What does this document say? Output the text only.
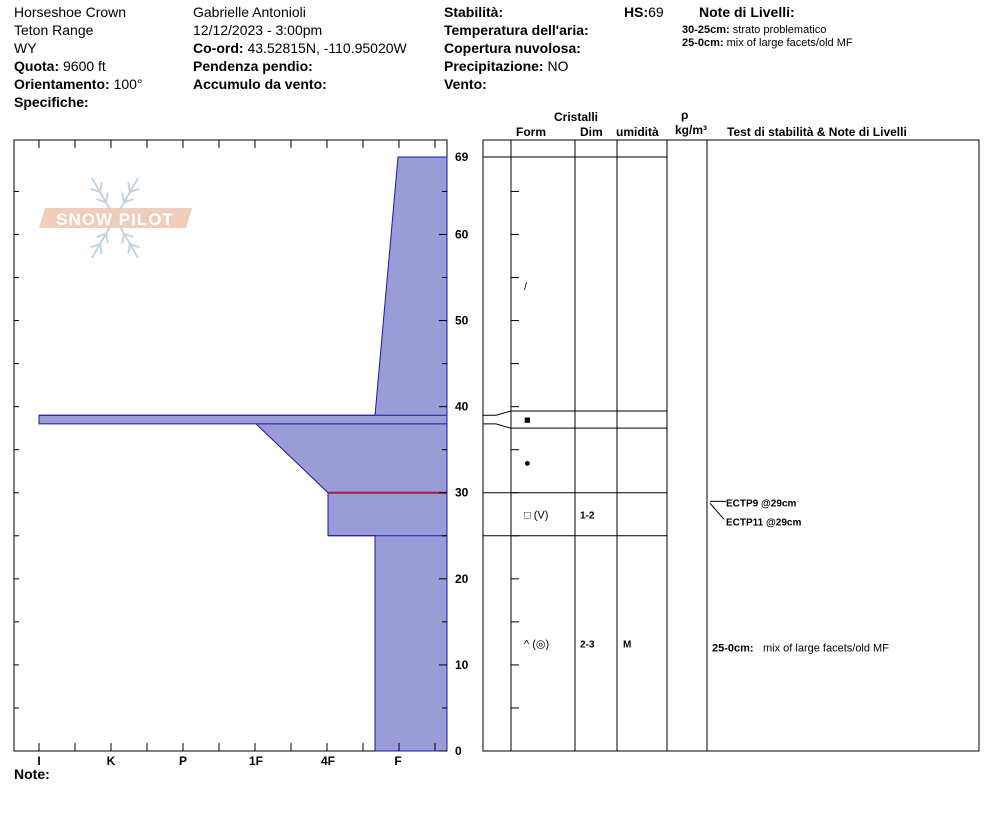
Horseshoe Crown
Teton Range
WY
Quota: 9600 ft
Orientamento: 100°
Specifiche:
Gabrielle Antonioli
12/12/2023 - 3:00pm
Co-ord: 43.52815N, -110.95020W
Pendenza pendio:
Accumulo da vento:
Stabilità:
Temperatura dell'aria:
Copertura nuvolosa:
Precipitazione: NO
Vento:
HS:69	Note di Livelli:
30-25cm: strato problematico
25-0cm: mix of large facets/old MF
Cristalli
Form	Dim umidità
ρ
kg/m³ Test di stabilità & Note di Livelli
Note:
SNOW PILOT
I	K	P	1F	4F	F
0
10
20
30
40
50
60
69
/
■
●
□ (V)	1-2
^ (◎)	2-3	M
ECTP9 @29cm
ECTP11 @29cm
25-0cm: mix of large facets/old MF
